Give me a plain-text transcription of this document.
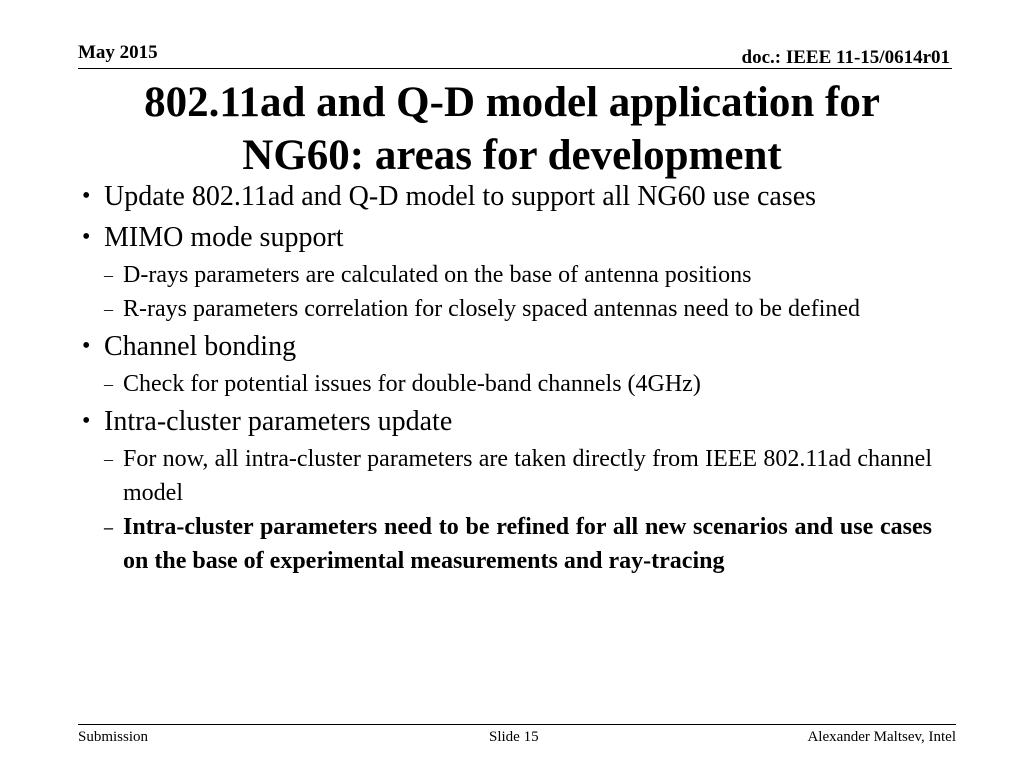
May 2015	doc.: IEEE 11-15/0614r01
802.11ad and Q-D model application for
NG60: areas for development
• Update 802.11ad and Q-D model to support all NG60 use cases
• MIMO mode support
– D-rays parameters are calculated on the base of antenna positions
– R-rays parameters correlation for closely spaced antennas need to be defined
• Channel bonding
– Check for potential issues for double-band channels (4GHz)
• Intra-cluster parameters update
– For now, all intra-cluster parameters are taken directly from IEEE 802.11ad channel model
– Intra-cluster parameters need to be refined for all new scenarios and use cases on the base of experimental measurements and ray-tracing
Submission	Slide 15	Alexander Maltsev, Intel
